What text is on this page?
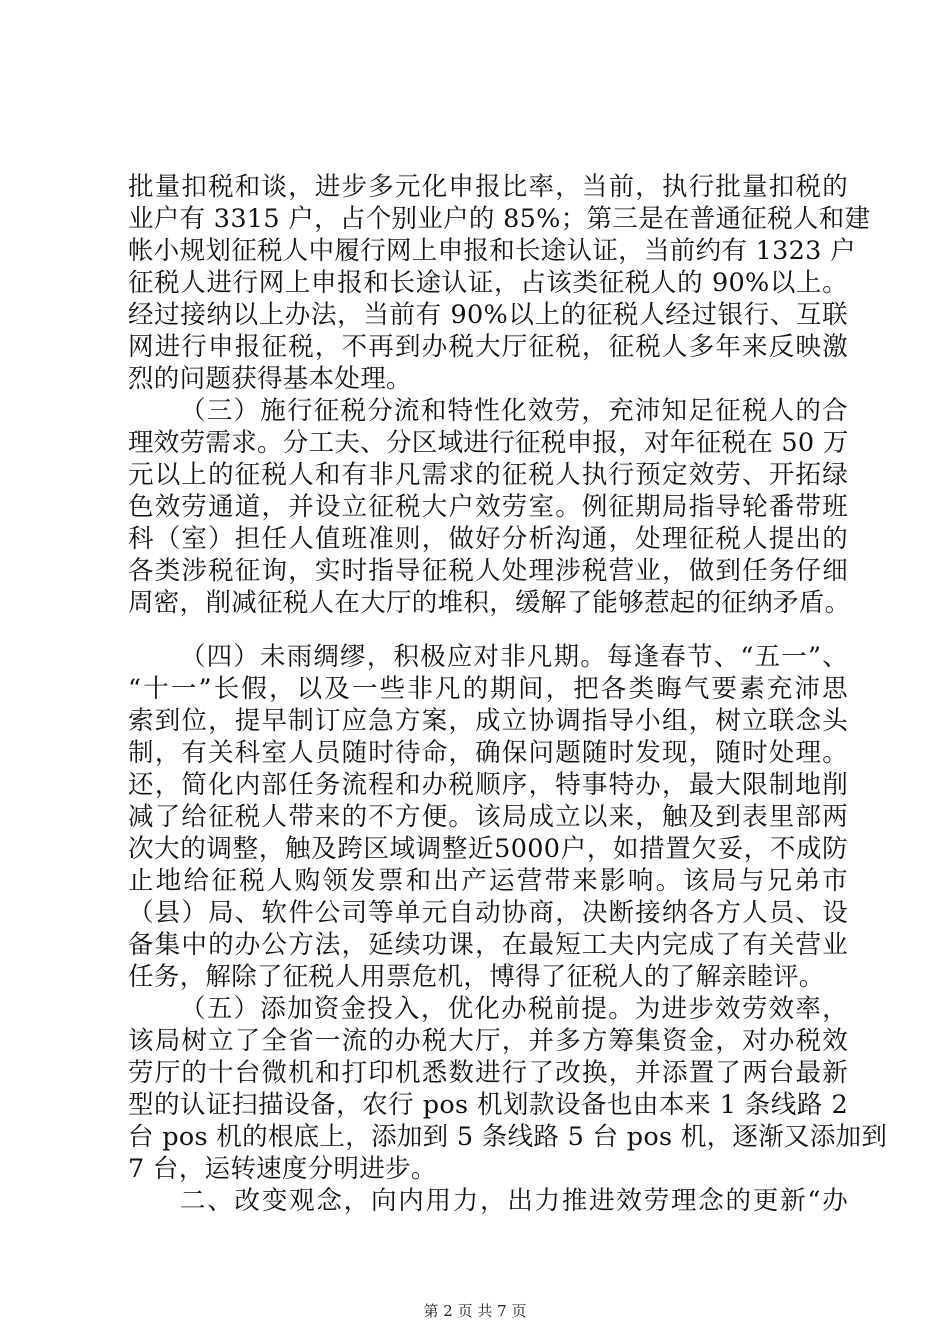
批量扣税和谈，进步多元化申报比率，当前，执行批量扣税的
业户有 3315 户，占个别业户的 85%；第三是在普通征税人和建
帐小规划征税人中履行网上申报和长途认证，当前约有 1323 户
征税人进行网上申报和长途认证，占该类征税人的 90%以上。
经过接纳以上办法，当前有 90%以上的征税人经过银行、互联
网进行申报征税，不再到办税大厅征税，征税人多年来反映激
烈的问题获得基本处理。
（三）施行征税分流和特性化效劳，充沛知足征税人的合
理效劳需求。分工夫、分区域进行征税申报，对年征税在 50 万
元以上的征税人和有非凡需求的征税人执行预定效劳、开拓绿
色效劳通道，并设立征税大户效劳室。例征期局指导轮番带班
科（室）担任人值班准则，做好分析沟通，处理征税人提出的
各类涉税征询，实时指导征税人处理涉税营业，做到任务仔细
周密，削减征税人在大厅的堆积，缓解了能够惹起的征纳矛盾。
（四）未雨绸缪，积极应对非凡期。每逢春节、“五一”、
“十一”长假，以及一些非凡的期间，把各类晦气要素充沛思
索到位，提早制订应急方案，成立协调指导小组，树立联念头
制，有关科室人员随时待命，确保问题随时发现，随时处理。
还，简化内部任务流程和办税顺序，特事特办，最大限制地削
减了给征税人带来的不方便。该局成立以来，触及到表里部两
次大的调整，触及跨区域调整近5000户，如措置欠妥，不成防
止地给征税人购领发票和出产运营带来影响。该局与兄弟市
（县）局、软件公司等单元自动协商，决断接纳各方人员、设
备集中的办公方法，延续功课，在最短工夫内完成了有关营业
任务，解除了征税人用票危机，博得了征税人的了解亲睦评。
（五）添加资金投入，优化办税前提。为进步效劳效率，
该局树立了全省一流的办税大厅，并多方筹集资金，对办税效
劳厅的十台微机和打印机悉数进行了改换，并添置了两台最新
型的认证扫描设备，农行 pos 机划款设备也由本来 1 条线路 2
台 pos 机的根底上，添加到 5 条线路 5 台 pos 机，逐渐又添加到
7 台，运转速度分明进步。
二、改变观念，向内用力，出力推进效劳理念的更新“办
第 2 页 共 7 页
